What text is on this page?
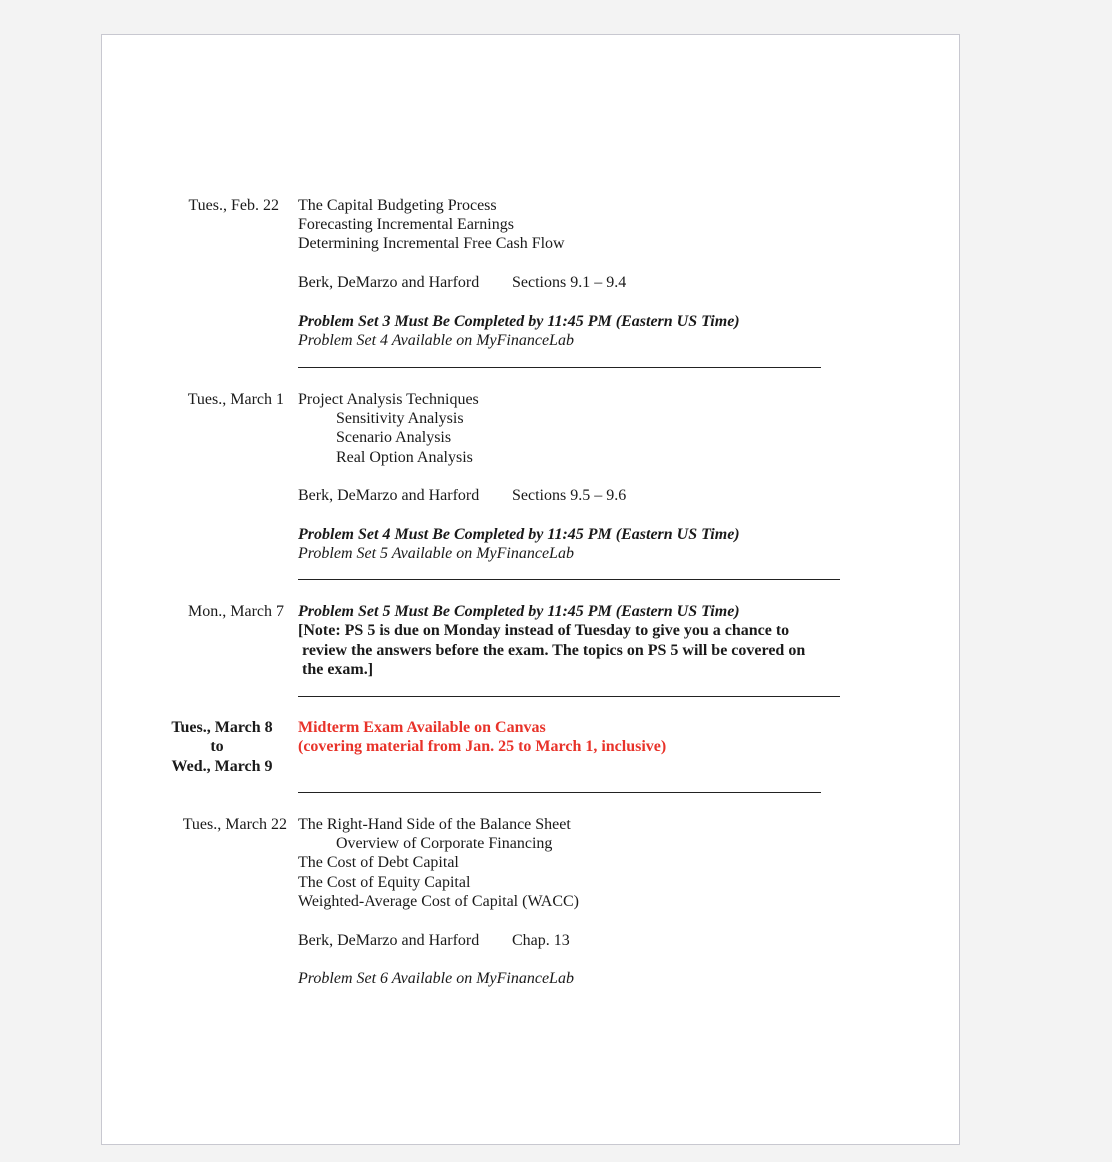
Tues., Feb. 22 The Capital Budgeting Process
Forecasting Incremental Earnings
Determining Incremental Free Cash Flow
Berk, DeMarzo and Harford Sections 9.1 – 9.4
Problem Set 3 Must Be Completed by 11:45 PM (Eastern US Time)
Problem Set 4 Available on MyFinanceLab
Tues., March 1 Project Analysis Techniques
Sensitivity Analysis
Scenario Analysis
Real Option Analysis
Berk, DeMarzo and Harford Sections 9.5 – 9.6
Problem Set 4 Must Be Completed by 11:45 PM (Eastern US Time)
Problem Set 5 Available on MyFinanceLab
Mon., March 7 Problem Set 5 Must Be Completed by 11:45 PM (Eastern US Time)
[Note: PS 5 is due on Monday instead of Tuesday to give you a chance to
review the answers before the exam. The topics on PS 5 will be covered on
the exam.]
Tues., March 8
to
Wed., March 9
Midterm Exam Available on Canvas
(covering material from Jan. 25 to March 1, inclusive)
Tues., March 22 The Right-Hand Side of the Balance Sheet
Overview of Corporate Financing
The Cost of Debt Capital
The Cost of Equity Capital
Weighted-Average Cost of Capital (WACC)
Berk, DeMarzo and Harford Chap. 13
Problem Set 6 Available on MyFinanceLab
